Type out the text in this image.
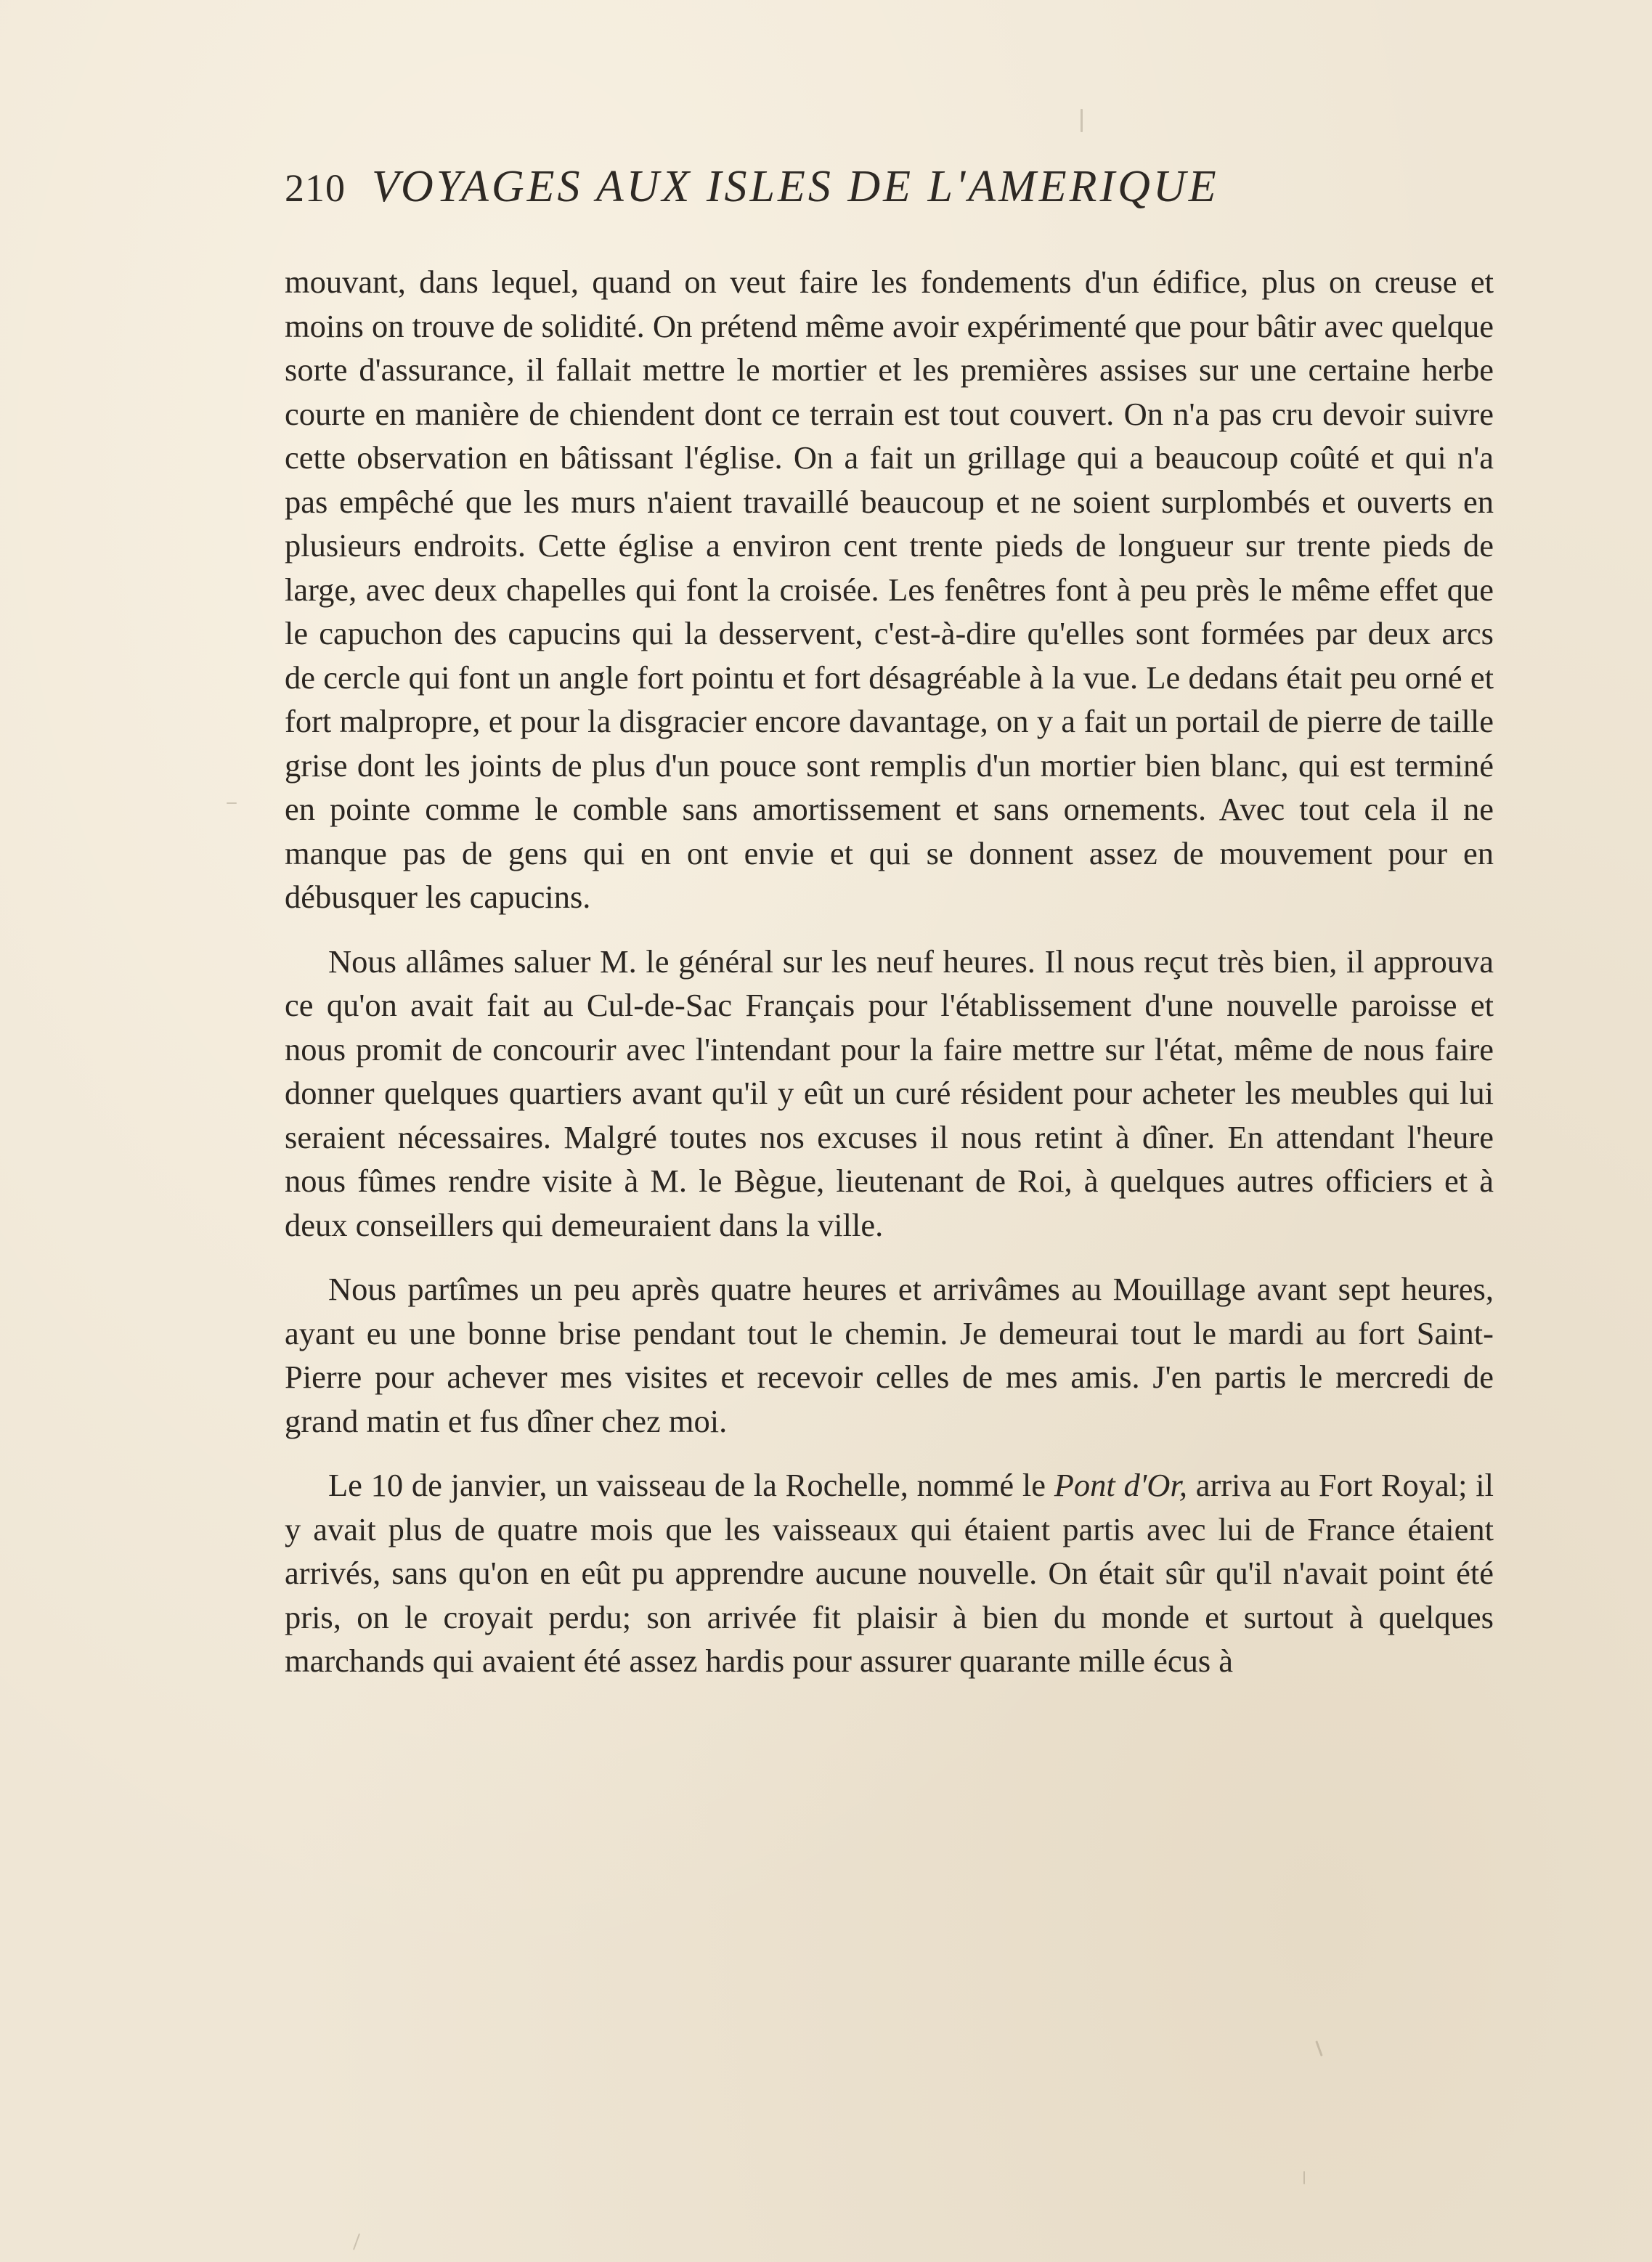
210 VOYAGES AUX ISLES DE L'AMERIQUE

mouvant, dans lequel, quand on veut faire les fondements d'un édifice, plus on creuse et moins on trouve de solidité. On prétend même avoir expérimenté que pour bâtir avec quelque sorte d'assurance, il fallait mettre le mortier et les premières assises sur une certaine herbe courte en manière de chiendent dont ce terrain est tout couvert. On n'a pas cru devoir suivre cette observation en bâtissant l'église. On a fait un grillage qui a beaucoup coûté et qui n'a pas empêché que les murs n'aient travaillé beaucoup et ne soient surplombés et ouverts en plusieurs endroits. Cette église a environ cent trente pieds de longueur sur trente pieds de large, avec deux chapelles qui font la croisée. Les fenêtres font à peu près le même effet que le capuchon des capucins qui la desservent, c'est-à-dire qu'elles sont formées par deux arcs de cercle qui font un angle fort pointu et fort désagréable à la vue. Le dedans était peu orné et fort malpropre, et pour la disgracier encore davantage, on y a fait un portail de pierre de taille grise dont les joints de plus d'un pouce sont remplis d'un mortier bien blanc, qui est terminé en pointe comme le comble sans amortissement et sans ornements. Avec tout cela il ne manque pas de gens qui en ont envie et qui se donnent assez de mouvement pour en débusquer les capucins.

Nous allâmes saluer M. le général sur les neuf heures. Il nous reçut très bien, il approuva ce qu'on avait fait au Cul-de-Sac Français pour l'établissement d'une nouvelle paroisse et nous promit de concourir avec l'intendant pour la faire mettre sur l'état, même de nous faire donner quelques quartiers avant qu'il y eût un curé résident pour acheter les meubles qui lui seraient nécessaires. Malgré toutes nos excuses il nous retint à dîner. En attendant l'heure nous fûmes rendre visite à M. le Bègue, lieutenant de Roi, à quelques autres officiers et à deux conseillers qui demeuraient dans la ville.

Nous partîmes un peu après quatre heures et arrivâmes au Mouillage avant sept heures, ayant eu une bonne brise pendant tout le chemin. Je demeurai tout le mardi au fort Saint-Pierre pour achever mes visites et recevoir celles de mes amis. J'en partis le mercredi de grand matin et fus dîner chez moi.

Le 10 de janvier, un vaisseau de la Rochelle, nommé le Pont d'Or, arriva au Fort Royal; il y avait plus de quatre mois que les vaisseaux qui étaient partis avec lui de France étaient arrivés, sans qu'on en eût pu apprendre aucune nouvelle. On était sûr qu'il n'avait point été pris, on le croyait perdu; son arrivée fit plaisir à bien du monde et surtout à quelques marchands qui avaient été assez hardis pour assurer quarante mille écus à
